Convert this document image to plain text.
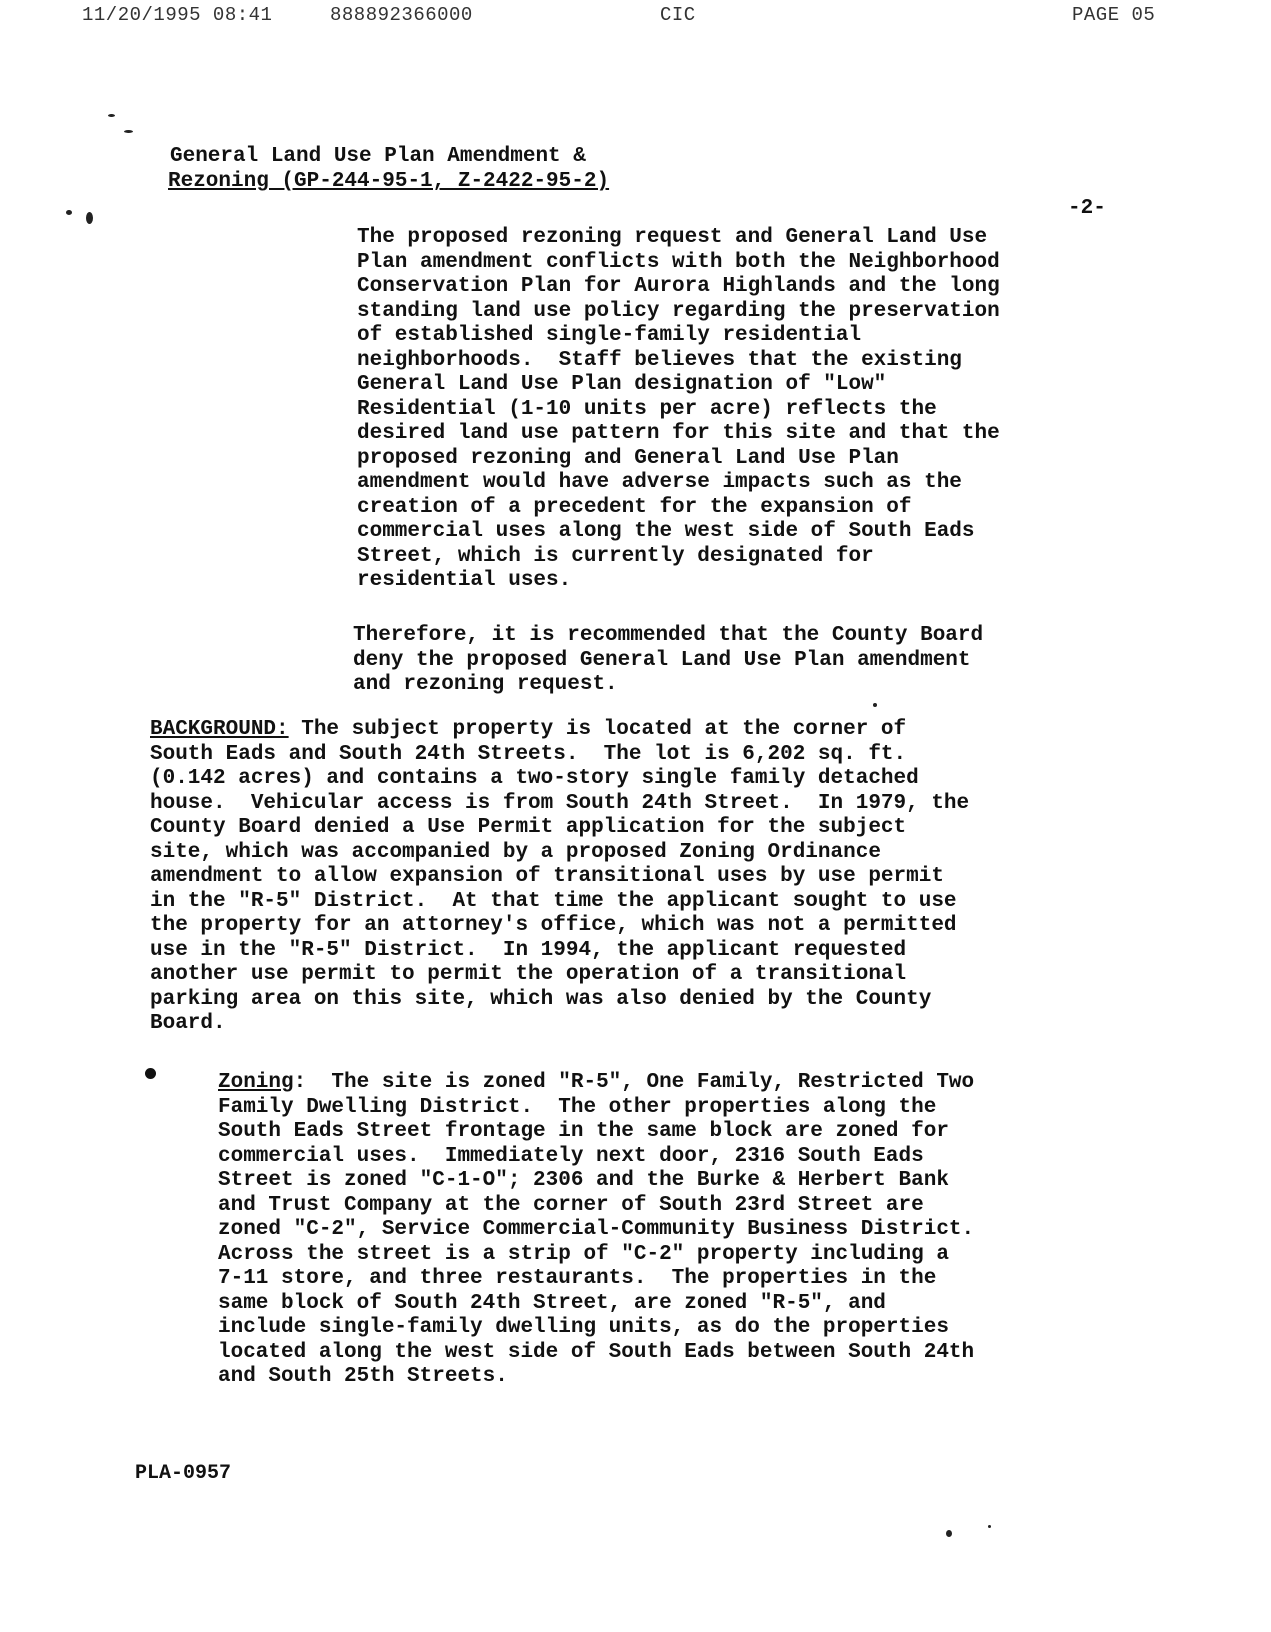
11/20/1995 08:41	888892366000	CIC	PAGE 05
General Land Use Plan Amendment &
Rezoning (GP-244-95-1, Z-2422-95-2)
-2-
The proposed rezoning request and General Land Use
Plan amendment conflicts with both the Neighborhood
Conservation Plan for Aurora Highlands and the long
standing land use policy regarding the preservation
of established single-family residential
neighborhoods.  Staff believes that the existing
General Land Use Plan designation of "Low"
Residential (1-10 units per acre) reflects the
desired land use pattern for this site and that the
proposed rezoning and General Land Use Plan
amendment would have adverse impacts such as the
creation of a precedent for the expansion of
commercial uses along the west side of South Eads
Street, which is currently designated for
residential uses.
Therefore, it is recommended that the County Board
deny the proposed General Land Use Plan amendment
and rezoning request.
BACKGROUND: The subject property is located at the corner of
South Eads and South 24th Streets.  The lot is 6,202 sq. ft.
(0.142 acres) and contains a two-story single family detached
house.  Vehicular access is from South 24th Street.  In 1979, the
County Board denied a Use Permit application for the subject
site, which was accompanied by a proposed Zoning Ordinance
amendment to allow expansion of transitional uses by use permit
in the "R-5" District.  At that time the applicant sought to use
the property for an attorney's office, which was not a permitted
use in the "R-5" District.  In 1994, the applicant requested
another use permit to permit the operation of a transitional
parking area on this site, which was also denied by the County
Board.
Zoning:  The site is zoned "R-5", One Family, Restricted Two
Family Dwelling District.  The other properties along the
South Eads Street frontage in the same block are zoned for
commercial uses.  Immediately next door, 2316 South Eads
Street is zoned "C-1-O"; 2306 and the Burke & Herbert Bank
and Trust Company at the corner of South 23rd Street are
zoned "C-2", Service Commercial-Community Business District.
Across the street is a strip of "C-2" property including a
7-11 store, and three restaurants.  The properties in the
same block of South 24th Street, are zoned "R-5", and
include single-family dwelling units, as do the properties
located along the west side of South Eads between South 24th
and South 25th Streets.
PLA-0957
